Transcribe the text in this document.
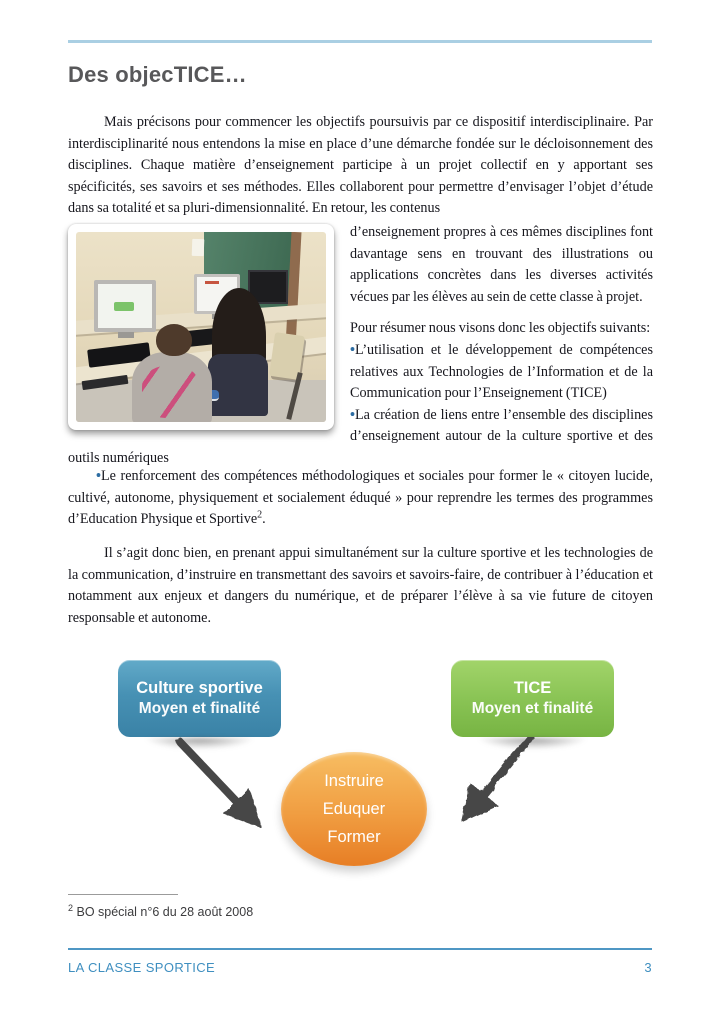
Des objecTICE…

Mais précisons pour commencer les objectifs poursuivis par ce dispositif interdisciplinaire. Par interdisciplinarité nous entendons la mise en place d’une démarche fondée sur le décloisonnement des disciplines. Chaque matière d’enseignement participe à un projet collectif en y apportant ses spécificités, ses savoirs et ses méthodes. Elles collaborent pour permettre d’envisager l’objet d’étude dans sa totalité et sa pluri-dimensionnalité. En retour, les contenus

d’enseignement propres à ces mêmes disciplines font davantage sens en trouvant des illustrations ou applications concrètes dans les diverses activités vécues par les élèves au sein de cette classe à projet.

Pour résumer nous visons donc les objectifs suivants:

•L’utilisation et le développement de compétences relatives aux Technologies de l’Information et de la Communication pour l’Enseignement (TICE)

•La création de liens entre l’ensemble des disciplines d’enseignement autour de la culture sportive et des outils numériques

•Le renforcement des compétences méthodologiques et sociales pour former le « citoyen lucide, cultivé, autonome, physiquement et socialement éduqué » pour reprendre les termes des programmes d’Education Physique et Sportive$^2$.

Il s’agit donc bien, en prenant appui simultanément sur la culture sportive et les technologies de la communication, d’instruire en transmettant des savoirs et savoirs-faire, de contribuer à l’éducation et notamment aux enjeux et dangers du numérique, et de préparer l’élève à sa vie future de citoyen responsable et autonome.

Culture sportive
Moyen et finalité
TICE
Moyen et finalité
Instruire
Eduquer
Former

$^2$ BO spécial n°6 du 28 août 2008

LA CLASSE SPORTICE	3
